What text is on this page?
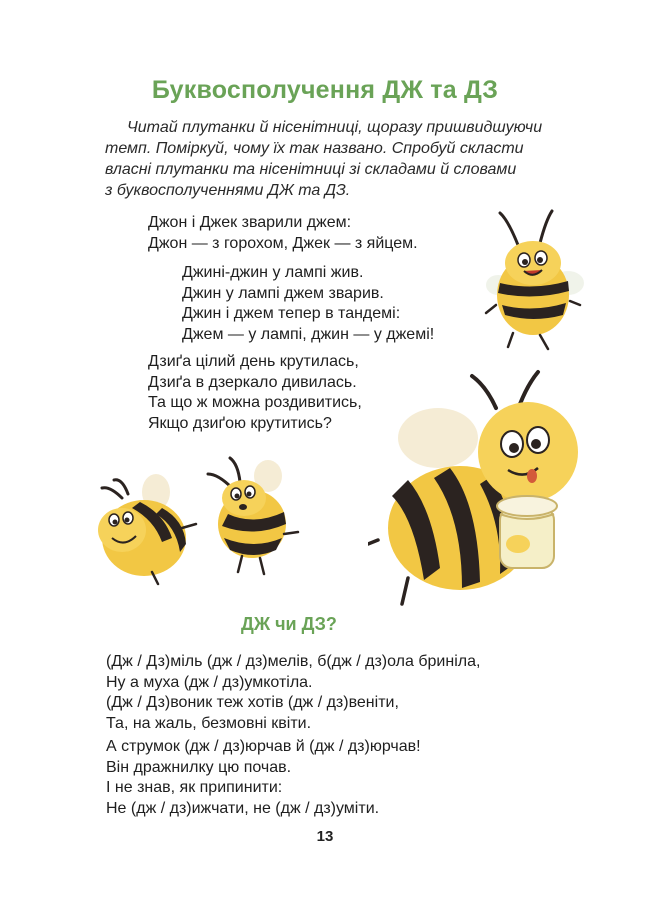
Буквосполучення ДЖ та ДЗ
Читай плутанки й нісенітниці, щоразу пришвидшуючи
темп. Поміркуй, чому їх так названо. Спробуй скласти
власні плутанки та нісенітниці зі складами й словами
з буквосполученнями ДЖ та ДЗ.
Джон і Джек зварили джем:
Джон — з горохом, Джек — з яйцем.
Джині-джин у лампі жив.
Джин у лампі джем зварив.
Джин і джем тепер в тандемі:
Джем — у лампі, джин — у джемі!
Дзиґа цілий день крутилась,
Дзиґа в дзеркало дивилась.
Та що ж можна роздивитись,
Якщо дзиґою крутитись?
ДЖ чи ДЗ?
(Дж / Дз)міль (дж / дз)мелів, б(дж / дз)ола бриніла,
Ну а муха (дж / дз)умкотіла.
(Дж / Дз)воник теж хотів (дж / дз)веніти,
Та, на жаль, безмовні квіти.
А струмок (дж / дз)юрчав й (дж / дз)юрчав!
Він дражнилку цю почав.
І не знав, як припинити:
Не (дж / дз)ижчати, не (дж / дз)уміти.
13
